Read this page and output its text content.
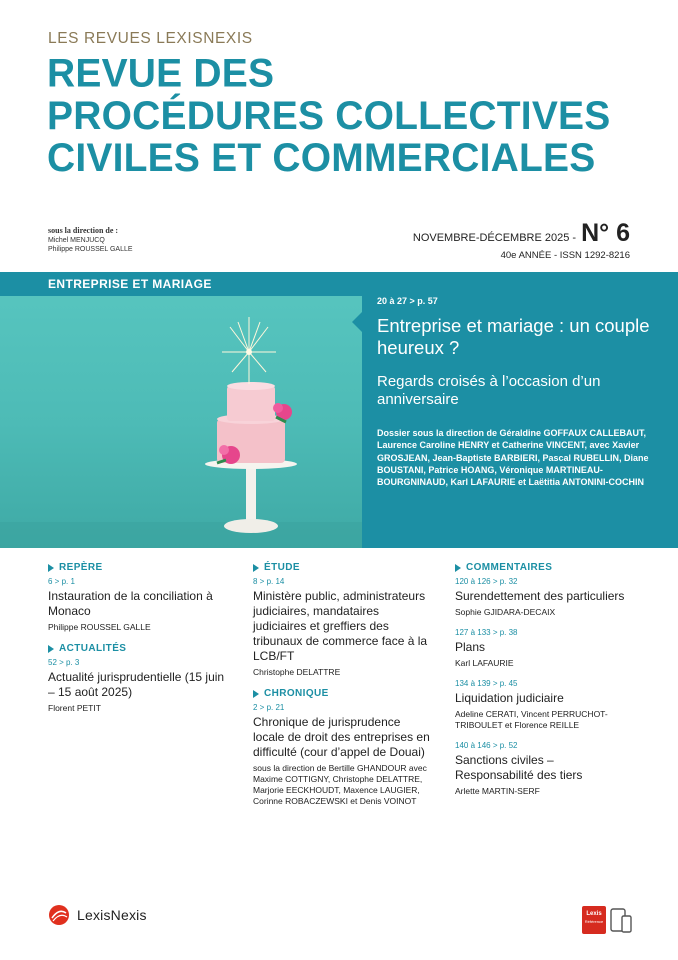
LES REVUES LEXISNEXIS
REVUE DES
PROCÉDURES COLLECTIVES
CIVILES ET COMMERCIALES
sous la direction de :
Michel MENJUCQ
Philippe ROUSSEL GALLE
NOVEMBRE-DÉCEMBRE 2025 - N° 6
40e ANNÉE - ISSN 1292-8216
ENTREPRISE ET MARIAGE
20 à 27 > p. 57
Entreprise et mariage : un couple heureux ?
Regards croisés à l’occasion d’un anniversaire
Dossier sous la direction de Géraldine GOFFAUX CALLEBAUT, Laurence Caroline HENRY et Catherine VINCENT, avec Xavier GROSJEAN, Jean-Baptiste BARBIERI, Pascal RUBELLIN, Diane BOUSTANI, Patrice HOANG, Véronique MARTINEAU-BOURGNINAUD, Karl LAFAURIE et Laëtitia ANTONINI-COCHIN
REPÈRE
6 > p. 1
Instauration de la conciliation à Monaco
Philippe ROUSSEL GALLE
ACTUALITÉS
52 > p. 3
Actualité jurisprudentielle (15 juin – 15 août 2025)
Florent PETIT
ÉTUDE
8 > p. 14
Ministère public, administrateurs judiciaires, mandataires judiciaires et greffiers des tribunaux de commerce face à la LCB/FT
Christophe DELATTRE
CHRONIQUE
2 > p. 21
Chronique de jurisprudence locale de droit des entreprises en difficulté (cour d’appel de Douai)
sous la direction de Bertille GHANDOUR avec Maxime COTTIGNY, Christophe DELATTRE, Marjorie EECKHOUDT, Maxence LAUGIER, Corinne ROBACZEWSKI et Denis VOINOT
COMMENTAIRES
120 à 126 > p. 32
Surendettement des particuliers
Sophie GJIDARA-DECAIX
127 à 133 > p. 38
Plans
Karl LAFAURIE
134 à 139 > p. 45
Liquidation judiciaire
Adeline CERATI, Vincent PERRUCHOT-TRIBOULET et Florence REILLE
140 à 146 > p. 52
Sanctions civiles – Responsabilité des tiers
Arlette MARTIN-SERF
LexisNexis	Lexis
Référence
